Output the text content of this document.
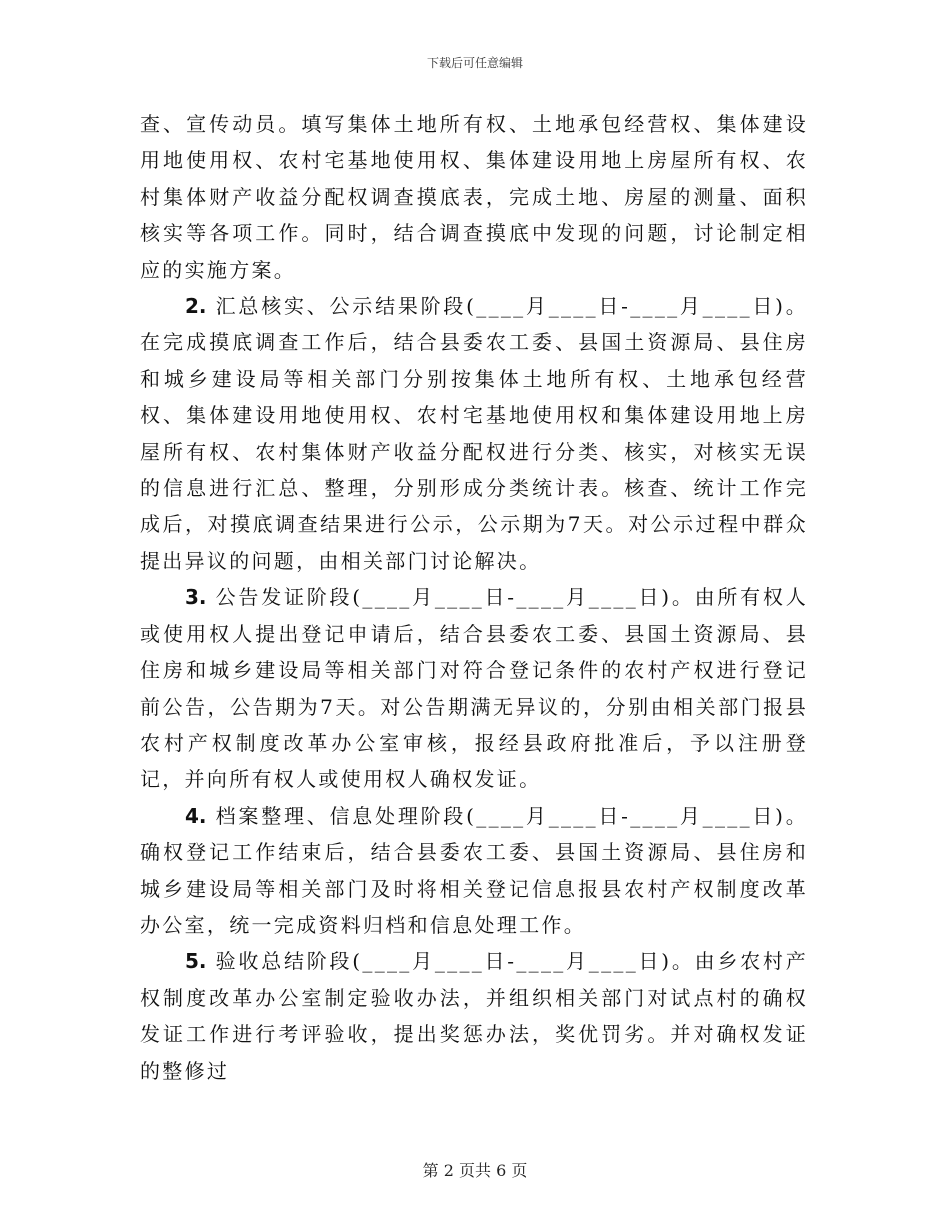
下载后可任意编辑

查、宣传动员。填写集体土地所有权、土地承包经营权、集体建设用地使用权、农村宅基地使用权、集体建设用地上房屋所有权、农村集体财产收益分配权调查摸底表，完成土地、房屋的测量、面积核实等各项工作。同时，结合调查摸底中发现的问题，讨论制定相应的实施方案。

2. 汇总核实、公示结果阶段(____月____日-____月____日)。在完成摸底调查工作后，结合县委农工委、县国土资源局、县住房和城乡建设局等相关部门分别按集体土地所有权、土地承包经营权、集体建设用地使用权、农村宅基地使用权和集体建设用地上房屋所有权、农村集体财产收益分配权进行分类、核实，对核实无误的信息进行汇总、整理，分别形成分类统计表。核查、统计工作完成后，对摸底调查结果进行公示，公示期为7天。对公示过程中群众提出异议的问题，由相关部门讨论解决。

3. 公告发证阶段(____月____日-____月____日)。由所有权人或使用权人提出登记申请后，结合县委农工委、县国土资源局、县住房和城乡建设局等相关部门对符合登记条件的农村产权进行登记前公告，公告期为7天。对公告期满无异议的，分别由相关部门报县农村产权制度改革办公室审核，报经县政府批准后，予以注册登记，并向所有权人或使用权人确权发证。

4. 档案整理、信息处理阶段(____月____日-____月____日)。确权登记工作结束后，结合县委农工委、县国土资源局、县住房和城乡建设局等相关部门及时将相关登记信息报县农村产权制度改革办公室，统一完成资料归档和信息处理工作。

5. 验收总结阶段(____月____日-____月____日)。由乡农村产权制度改革办公室制定验收办法，并组织相关部门对试点村的确权发证工作进行考评验收，提出奖惩办法，奖优罚劣。并对确权发证的整修过

第 2 页共 6 页
